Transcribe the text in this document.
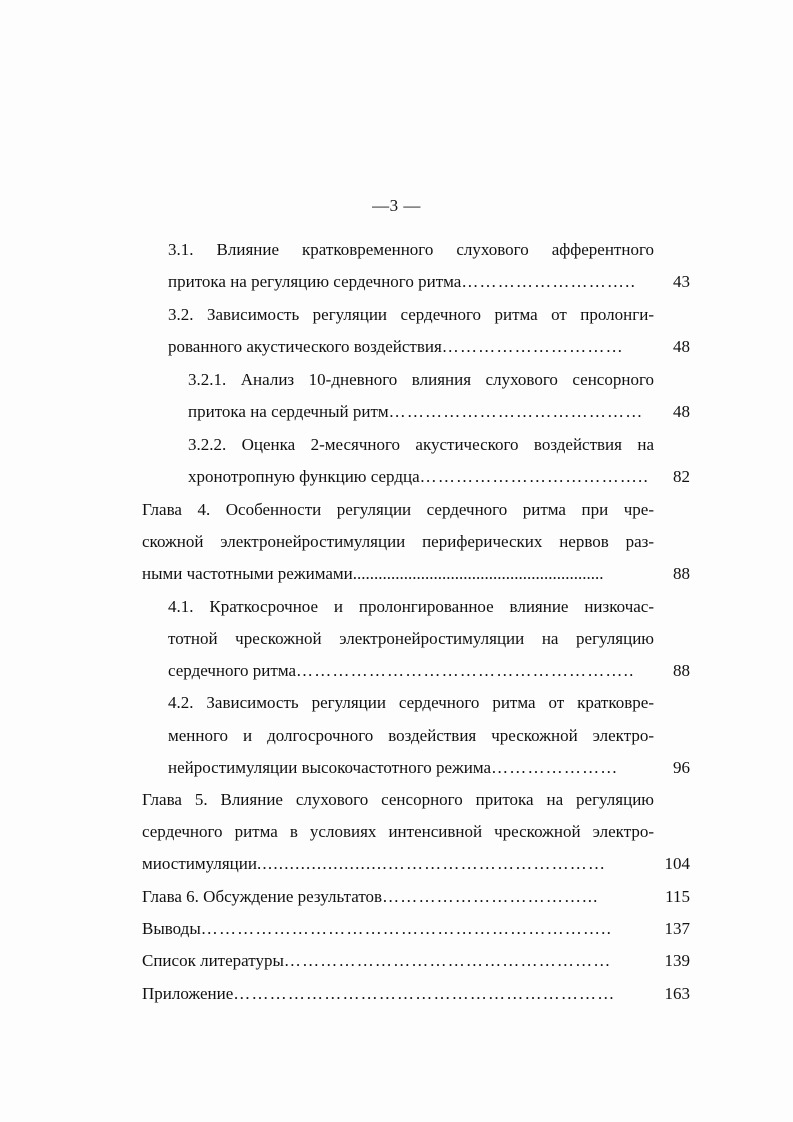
—3 —
3.1. Влияние кратковременного слухового афферентного
притока на регуляцию сердечного ритма………………………..	43
3.2. Зависимость регуляции сердечного ритма от пролонги-
рованного акустического воздействия…………………………	48
3.2.1. Анализ 10-дневного влияния слухового сенсорного
притока на сердечный ритм……………………………………	48
3.2.2. Оценка 2-месячного акустического воздействия на
хронотропную функцию сердца………………………………..	82
Глава 4. Особенности регуляции сердечного ритма при чре-
скожной электронейростимуляции периферических нервов раз-
ными частотными режимами...........................................................	88
4.1. Краткосрочное и пролонгированное влияние низкочас-
тотной чрескожной электронейростимуляции на регуляцию
сердечного ритма………………………………………………..	88
4.2. Зависимость регуляции сердечного ритма от кратковре-
менного и долгосрочного воздействия чрескожной электро-
нейростимуляции высокочастотного режима…………………	96
Глава 5. Влияние слухового сенсорного притока на регуляцию
сердечного ритма в условиях интенсивной чрескожной электро-
миостимуляции........................………………………………	104
Глава 6. Обсуждение результатов……………………………...	115
Выводы…………………………………………………………..	137
Список литературы………………………………………………	139
Приложение………………………………………………………	163
